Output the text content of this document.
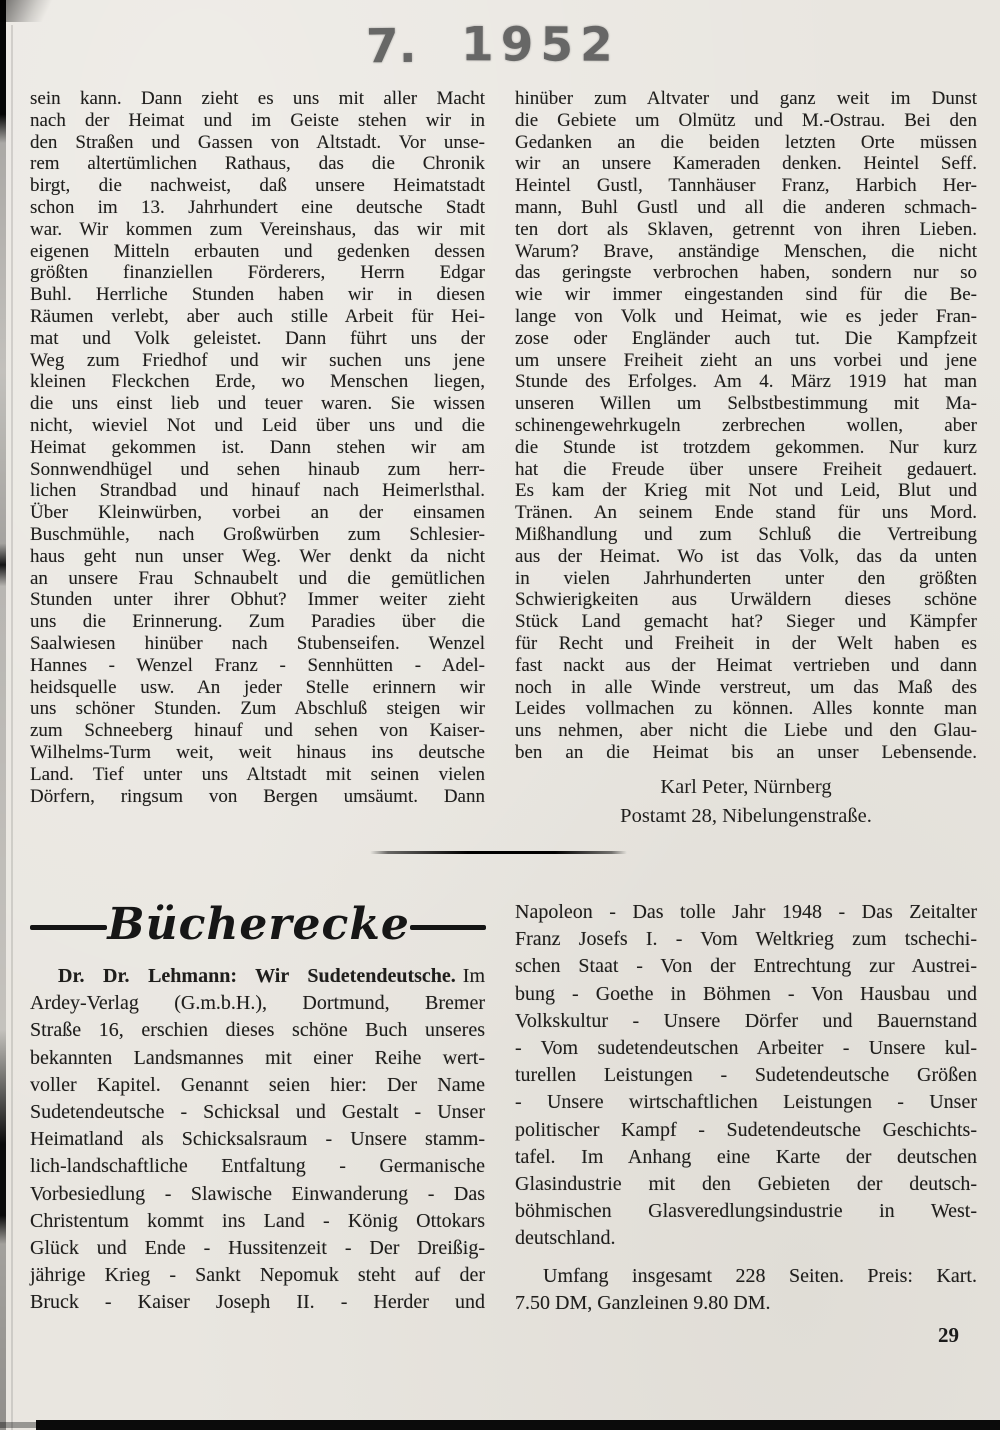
7. 1952
sein kann. Dann zieht es uns mit aller Macht
nach der Heimat und im Geiste stehen wir in
den Straßen und Gassen von Altstadt. Vor unse-
rem altertümlichen Rathaus, das die Chronik
birgt, die nachweist, daß unsere Heimatstadt
schon im 13. Jahrhundert eine deutsche Stadt
war. Wir kommen zum Vereinshaus, das wir mit
eigenen Mitteln erbauten und gedenken dessen
größten finanziellen Förderers, Herrn Edgar
Buhl. Herrliche Stunden haben wir in diesen
Räumen verlebt, aber auch stille Arbeit für Hei-
mat und Volk geleistet. Dann führt uns der
Weg zum Friedhof und wir suchen uns jene
kleinen Fleckchen Erde, wo Menschen liegen,
die uns einst lieb und teuer waren. Sie wissen
nicht, wieviel Not und Leid über uns und die
Heimat gekommen ist. Dann stehen wir am
Sonnwendhügel und sehen hinaub zum herr-
lichen Strandbad und hinauf nach Heimerlsthal.
Über Kleinwürben, vorbei an der einsamen
Buschmühle, nach Großwürben zum Schlesier-
haus geht nun unser Weg. Wer denkt da nicht
an unsere Frau Schnaubelt und die gemütlichen
Stunden unter ihrer Obhut? Immer weiter zieht
uns die Erinnerung. Zum Paradies über die
Saalwiesen hinüber nach Stubenseifen. Wenzel
Hannes - Wenzel Franz - Sennhütten - Adel-
heidsquelle usw. An jeder Stelle erinnern wir
uns schöner Stunden. Zum Abschluß steigen wir
zum Schneeberg hinauf und sehen von Kaiser-
Wilhelms-Turm weit, weit hinaus ins deutsche
Land. Tief unter uns Altstadt mit seinen vielen
Dörfern, ringsum von Bergen umsäumt. Dann
hinüber zum Altvater und ganz weit im Dunst
die Gebiete um Olmütz und M.-Ostrau. Bei den
Gedanken an die beiden letzten Orte müssen
wir an unsere Kameraden denken. Heintel Seff.
Heintel Gustl, Tannhäuser Franz, Harbich Her-
mann, Buhl Gustl und all die anderen schmach-
ten dort als Sklaven, getrennt von ihren Lieben.
Warum? Brave, anständige Menschen, die nicht
das geringste verbrochen haben, sondern nur so
wie wir immer eingestanden sind für die Be-
lange von Volk und Heimat, wie es jeder Fran-
zose oder Engländer auch tut. Die Kampfzeit
um unsere Freiheit zieht an uns vorbei und jene
Stunde des Erfolges. Am 4. März 1919 hat man
unseren Willen um Selbstbestimmung mit Ma-
schinengewehrkugeln zerbrechen wollen, aber
die Stunde ist trotzdem gekommen. Nur kurz
hat die Freude über unsere Freiheit gedauert.
Es kam der Krieg mit Not und Leid, Blut und
Tränen. An seinem Ende stand für uns Mord.
Mißhandlung und zum Schluß die Vertreibung
aus der Heimat. Wo ist das Volk, das da unten
in vielen Jahrhunderten unter den größten
Schwierigkeiten aus Urwäldern dieses schöne
Stück Land gemacht hat? Sieger und Kämpfer
für Recht und Freiheit in der Welt haben es
fast nackt aus der Heimat vertrieben und dann
noch in alle Winde verstreut, um das Maß des
Leides vollmachen zu können. Alles konnte man
uns nehmen, aber nicht die Liebe und den Glau-
ben an die Heimat bis an unser Lebensende.
Karl Peter, Nürnberg
Postamt 28, Nibelungenstraße.
Bücherecke
Dr. Dr. Lehmann: Wir Sudetendeutsche. Im
Ardey-Verlag (G.m.b.H.), Dortmund, Bremer
Straße 16, erschien dieses schöne Buch unseres
bekannten Landsmannes mit einer Reihe wert-
voller Kapitel. Genannt seien hier: Der Name
Sudetendeutsche - Schicksal und Gestalt - Unser
Heimatland als Schicksalsraum - Unsere stamm-
lich-landschaftliche Entfaltung - Germanische
Vorbesiedlung - Slawische Einwanderung - Das
Christentum kommt ins Land - König Ottokars
Glück und Ende - Hussitenzeit - Der Dreißig-
jährige Krieg - Sankt Nepomuk steht auf der
Bruck - Kaiser Joseph II. - Herder und
Napoleon - Das tolle Jahr 1948 - Das Zeitalter
Franz Josefs I. - Vom Weltkrieg zum tschechi-
schen Staat - Von der Entrechtung zur Austrei-
bung - Goethe in Böhmen - Von Hausbau und
Volkskultur - Unsere Dörfer und Bauernstand
- Vom sudetendeutschen Arbeiter - Unsere kul-
turellen Leistungen - Sudetendeutsche Größen
- Unsere wirtschaftlichen Leistungen - Unser
politischer Kampf - Sudetendeutsche Geschichts-
tafel. Im Anhang eine Karte der deutschen
Glasindustrie mit den Gebieten der deutsch-
böhmischen Glasveredlungsindustrie in West-
deutschland.
Umfang insgesamt 228 Seiten. Preis: Kart.
7.50 DM, Ganzleinen 9.80 DM.
29
